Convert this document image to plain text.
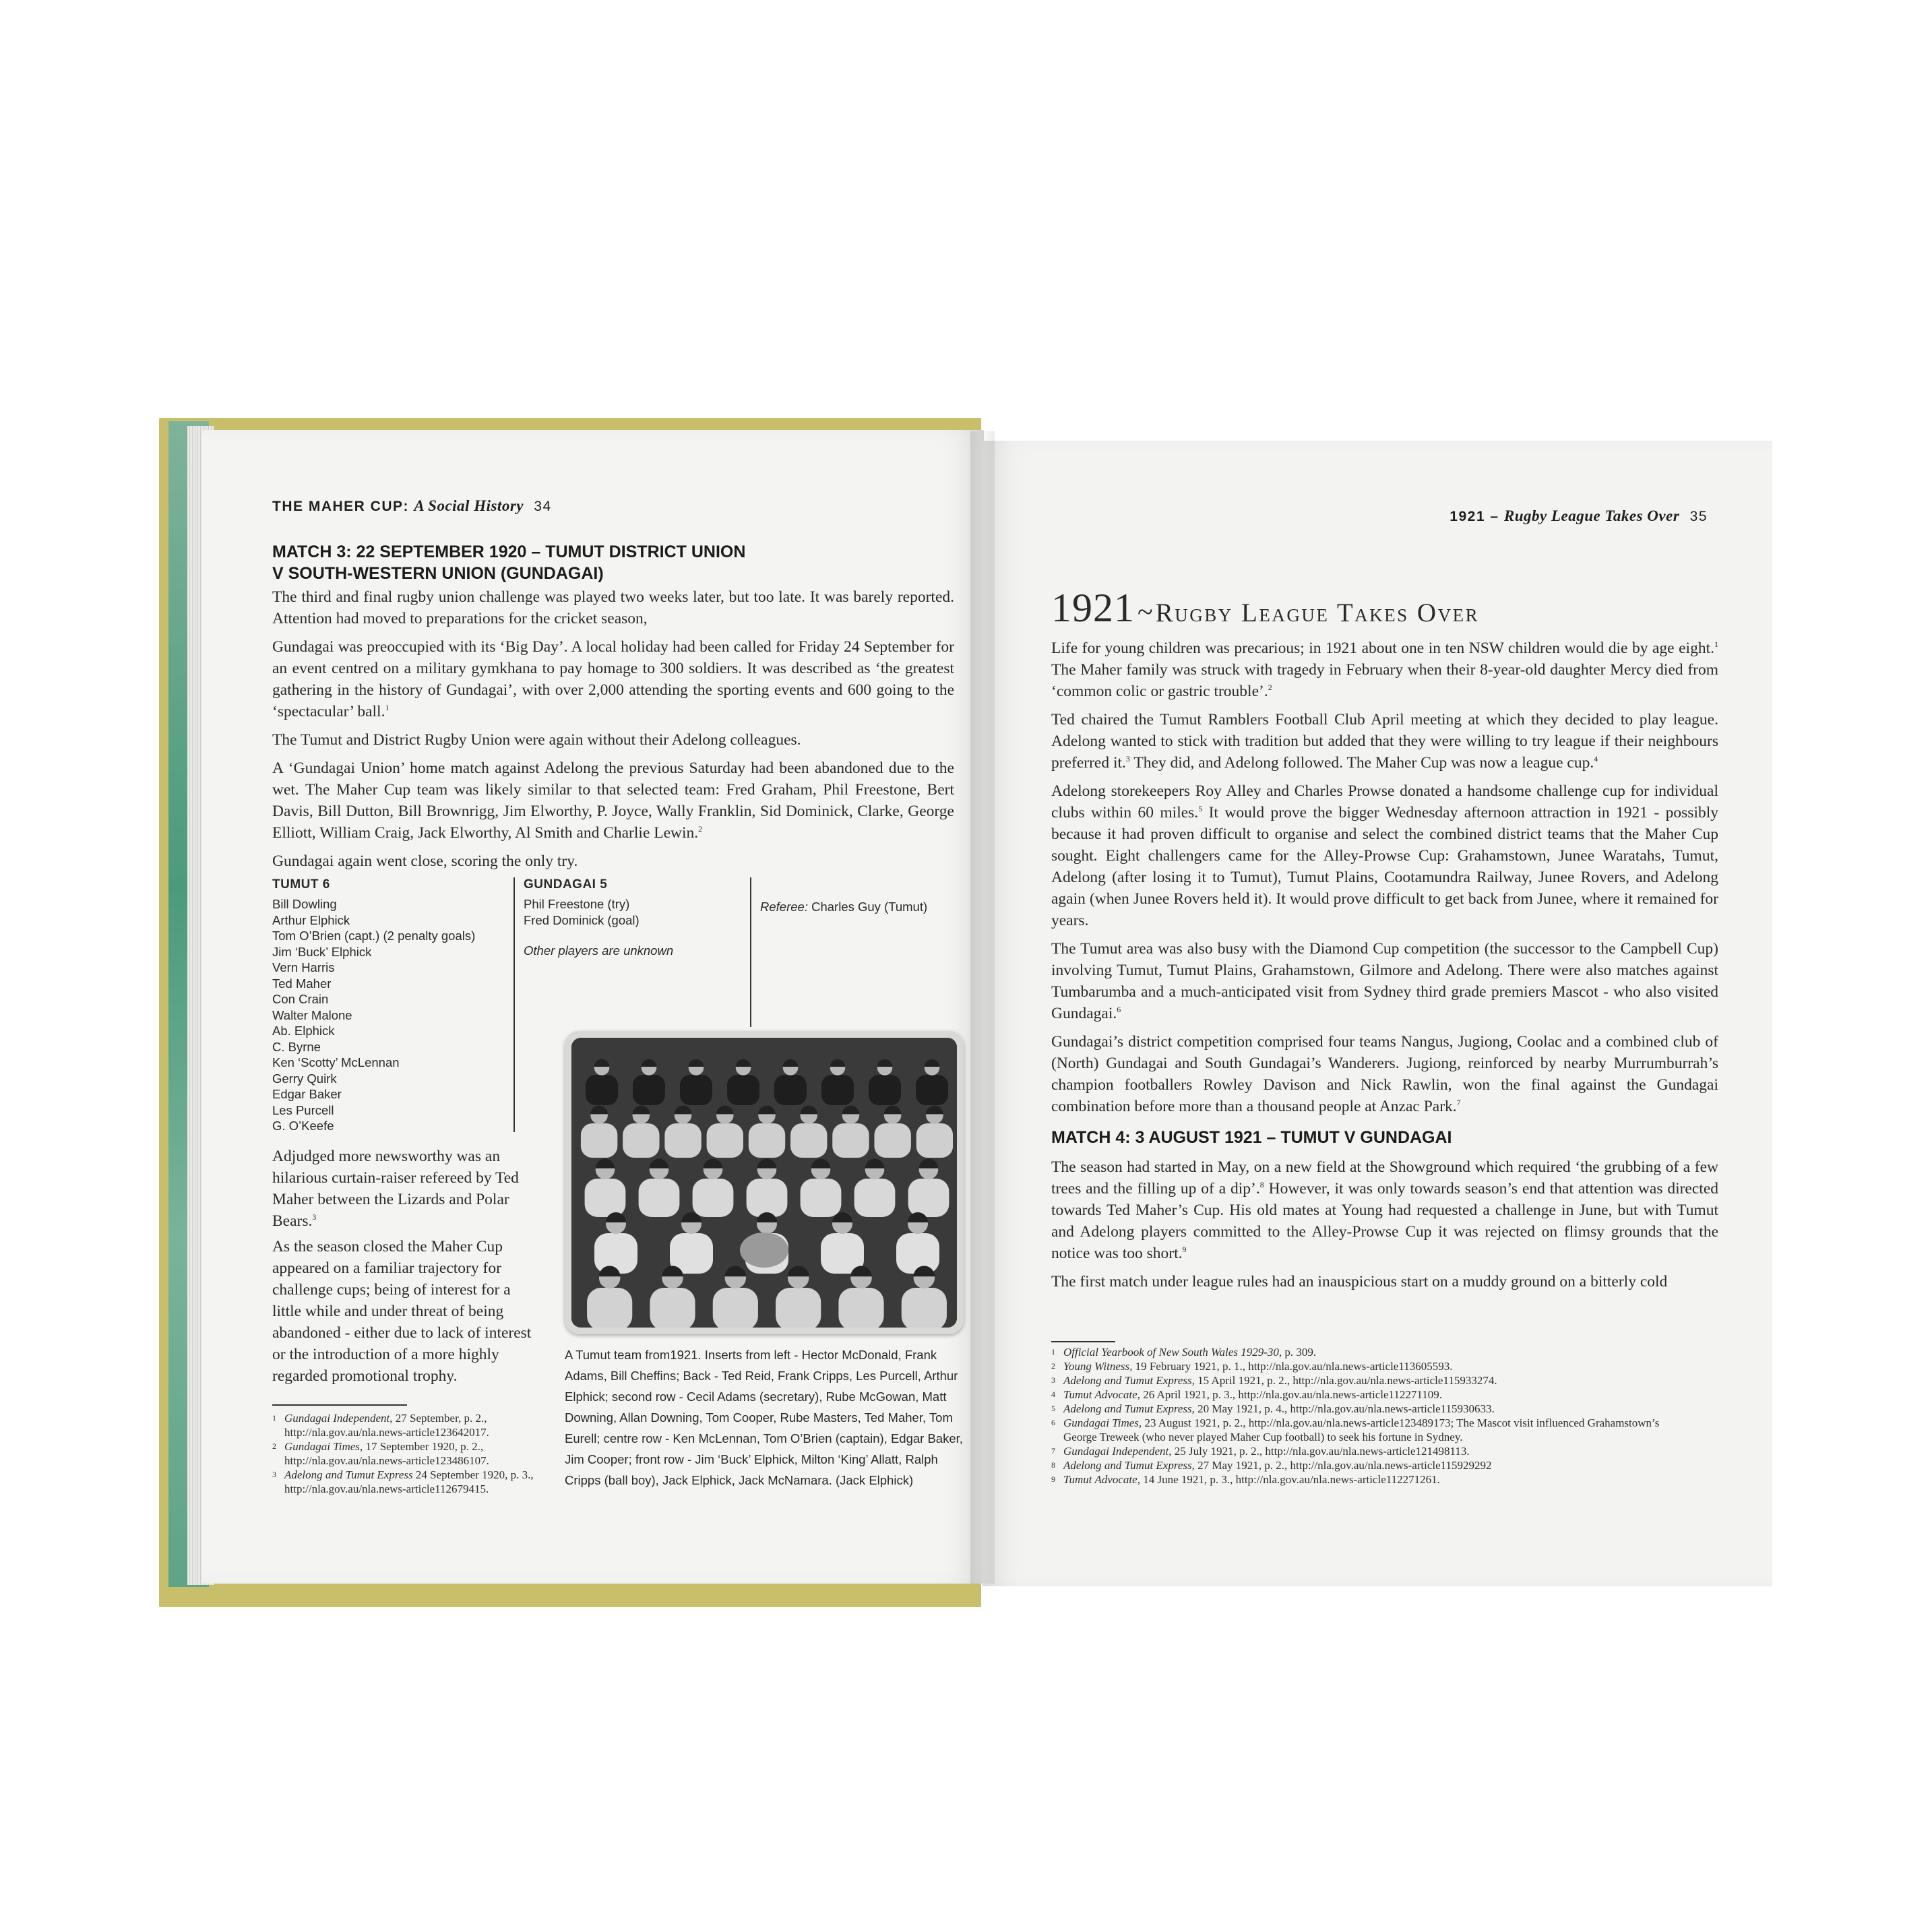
THE MAHER CUP: A Social History 34
MATCH 3: 22 SEPTEMBER 1920 – TUMUT DISTRICT UNION
V SOUTH-WESTERN UNION (GUNDAGAI)

The third and final rugby union challenge was played two weeks later, but too late. It was barely reported. Attention had moved to preparations for the cricket season,

Gundagai was preoccupied with its ‘Big Day’. A local holiday had been called for Friday 24 September for an event centred on a military gymkhana to pay homage to 300 soldiers. It was described as ‘the greatest gathering in the history of Gundagai’, with over 2,000 attending the sporting events and 600 going to the ‘spectacular’ ball.$^1$

The Tumut and District Rugby Union were again without their Adelong colleagues.

A ‘Gundagai Union’ home match against Adelong the previous Saturday had been abandoned due to the wet. The Maher Cup team was likely similar to that selected team: Fred Graham, Phil Freestone, Bert Davis, Bill Dutton, Bill Brownrigg, Jim Elworthy, P. Joyce, Wally Franklin, Sid Dominick, Clarke, George Elliott, William Craig, Jack Elworthy, Al Smith and Charlie Lewin.$^2$

Gundagai again went close, scoring the only try.

TUMUT 6
Bill Dowling
Arthur Elphick
Tom O’Brien (capt.) (2 penalty goals)
Jim ‘Buck’ Elphick
Vern Harris
Ted Maher
Con Crain
Walter Malone
Ab. Elphick
C. Byrne
Ken ‘Scotty’ McLennan
Gerry Quirk
Edgar Baker
Les Purcell
G. O’Keefe
GUNDAGAI 5
Phil Freestone (try)
Fred Dominick (goal)
Other players are unknown
Referee: Charles Guy (Tumut)

Adjudged more newsworthy was an hilarious curtain-raiser refereed by Ted Maher between the Lizards and Polar Bears.$^3$

As the season closed the Maher Cup appeared on a familiar trajectory for challenge cups; being of interest for a little while and under threat of being abandoned - either due to lack of interest or the introduction of a more highly regarded promotional trophy.

A Tumut team from1921. Inserts from left - Hector McDonald, Frank Adams, Bill Cheffins; Back - Ted Reid, Frank Cripps, Les Purcell, Arthur Elphick; second row - Cecil Adams (secretary), Rube McGowan, Matt Downing, Allan Downing, Tom Cooper, Rube Masters, Ted Maher, Tom Eurell; centre row - Ken McLennan, Tom O’Brien (captain), Edgar Baker, Jim Cooper; front row - Jim ‘Buck’ Elphick, Milton ‘King’ Allatt, Ralph Cripps (ball boy), Jack Elphick, Jack McNamara. (Jack Elphick)
1 Gundagai Independent, 27 September, p. 2., http://nla.gov.au/nla.news-article123642017.
2 Gundagai Times, 17 September 1920, p. 2., http://nla.gov.au/nla.news-article123486107.
3 Adelong and Tumut Express 24 September 1920, p. 3., http://nla.gov.au/nla.news-article112679415.
1921 – Rugby League Takes Over 35
1921~ Rugby League Takes Over

Life for young children was precarious; in 1921 about one in ten NSW children would die by age eight.$^1$ The Maher family was struck with tragedy in February when their 8-year-old daughter Mercy died from ‘common colic or gastric trouble’.$^2$

Ted chaired the Tumut Ramblers Football Club April meeting at which they decided to play league. Adelong wanted to stick with tradition but added that they were willing to try league if their neighbours preferred it.$^3$ They did, and Adelong followed. The Maher Cup was now a league cup.$^4$

Adelong storekeepers Roy Alley and Charles Prowse donated a handsome challenge cup for individual clubs within 60 miles.$^5$ It would prove the bigger Wednesday afternoon attraction in 1921 - possibly because it had proven difficult to organise and select the combined district teams that the Maher Cup sought. Eight challengers came for the Alley-Prowse Cup: Grahamstown, Junee Waratahs, Tumut, Adelong (after losing it to Tumut), Tumut Plains, Cootamundra Railway, Junee Rovers, and Adelong again (when Junee Rovers held it). It would prove difficult to get back from Junee, where it remained for years.

The Tumut area was also busy with the Diamond Cup competition (the successor to the Campbell Cup) involving Tumut, Tumut Plains, Grahamstown, Gilmore and Adelong. There were also matches against Tumbarumba and a much-anticipated visit from Sydney third grade premiers Mascot - who also visited Gundagai.$^6$

Gundagai’s district competition comprised four teams Nangus, Jugiong, Coolac and a combined club of (North) Gundagai and South Gundagai’s Wanderers. Jugiong, reinforced by nearby Murrumburrah’s champion footballers Rowley Davison and Nick Rawlin, won the final against the Gundagai combination before more than a thousand people at Anzac Park.$^7$

MATCH 4: 3 AUGUST 1921 – TUMUT V GUNDAGAI

The season had started in May, on a new field at the Showground which required ‘the grubbing of a few trees and the filling up of a dip’.$^8$ However, it was only towards season’s end that attention was directed towards Ted Maher’s Cup. His old mates at Young had requested a challenge in June, but with Tumut and Adelong players committed to the Alley-Prowse Cup it was rejected on flimsy grounds that the notice was too short.$^9$

The first match under league rules had an inauspicious start on a muddy ground on a bitterly cold

1 Official Yearbook of New South Wales 1929-30, p. 309.
2 Young Witness, 19 February 1921, p. 1., http://nla.gov.au/nla.news-article113605593.
3 Adelong and Tumut Express, 15 April 1921, p. 2., http://nla.gov.au/nla.news-article115933274.
4 Tumut Advocate, 26 April 1921, p. 3., http://nla.gov.au/nla.news-article112271109.
5 Adelong and Tumut Express, 20 May 1921, p. 4., http://nla.gov.au/nla.news-article115930633.
6 Gundagai Times, 23 August 1921, p. 2., http://nla.gov.au/nla.news-article123489173; The Mascot visit influenced Grahamstown’s George Treweek (who never played Maher Cup football) to seek his fortune in Sydney.
7 Gundagai Independent, 25 July 1921, p. 2., http://nla.gov.au/nla.news-article121498113.
8 Adelong and Tumut Express, 27 May 1921, p. 2., http://nla.gov.au/nla.news-article115929292
9 Tumut Advocate, 14 June 1921, p. 3., http://nla.gov.au/nla.news-article112271261.
